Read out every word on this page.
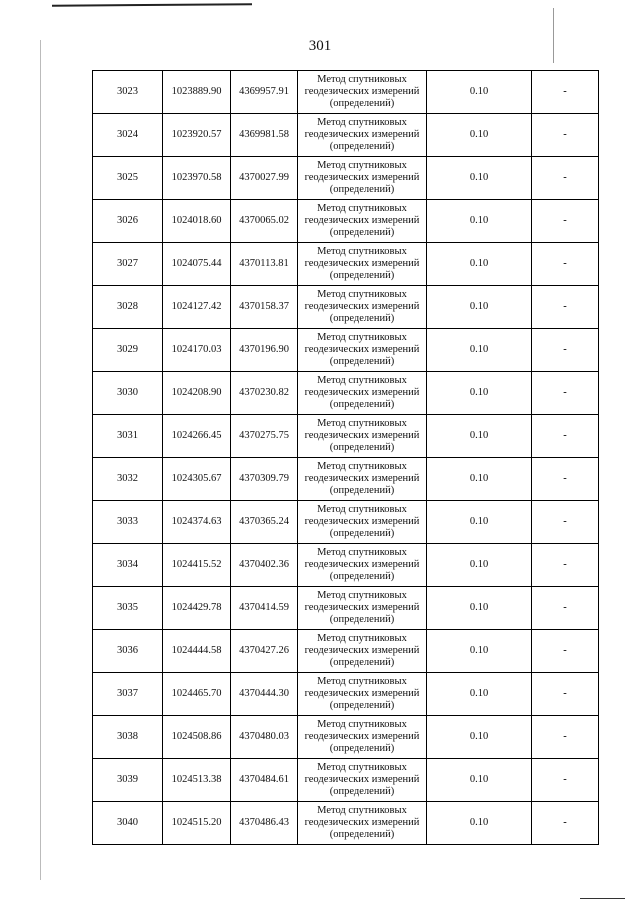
301
3023	1023889.90	4369957.91	Метод спутниковых
геодезических измерений
(определений)	0.10	-
3024	1023920.57	4369981.58	Метод спутниковых
геодезических измерений
(определений)	0.10	-
3025	1023970.58	4370027.99	Метод спутниковых
геодезических измерений
(определений)	0.10	-
3026	1024018.60	4370065.02	Метод спутниковых
геодезических измерений
(определений)	0.10	-
3027	1024075.44	4370113.81	Метод спутниковых
геодезических измерений
(определений)	0.10	-
3028	1024127.42	4370158.37	Метод спутниковых
геодезических измерений
(определений)	0.10	-
3029	1024170.03	4370196.90	Метод спутниковых
геодезических измерений
(определений)	0.10	-
3030	1024208.90	4370230.82	Метод спутниковых
геодезических измерений
(определений)	0.10	-
3031	1024266.45	4370275.75	Метод спутниковых
геодезических измерений
(определений)	0.10	-
3032	1024305.67	4370309.79	Метод спутниковых
геодезических измерений
(определений)	0.10	-
3033	1024374.63	4370365.24	Метод спутниковых
геодезических измерений
(определений)	0.10	-
3034	1024415.52	4370402.36	Метод спутниковых
геодезических измерений
(определений)	0.10	-
3035	1024429.78	4370414.59	Метод спутниковых
геодезических измерений
(определений)	0.10	-
3036	1024444.58	4370427.26	Метод спутниковых
геодезических измерений
(определений)	0.10	-
3037	1024465.70	4370444.30	Метод спутниковых
геодезических измерений
(определений)	0.10	-
3038	1024508.86	4370480.03	Метод спутниковых
геодезических измерений
(определений)	0.10	-
3039	1024513.38	4370484.61	Метод спутниковых
геодезических измерений
(определений)	0.10	-
3040	1024515.20	4370486.43	Метод спутниковых
геодезических измерений
(определений)	0.10	-
